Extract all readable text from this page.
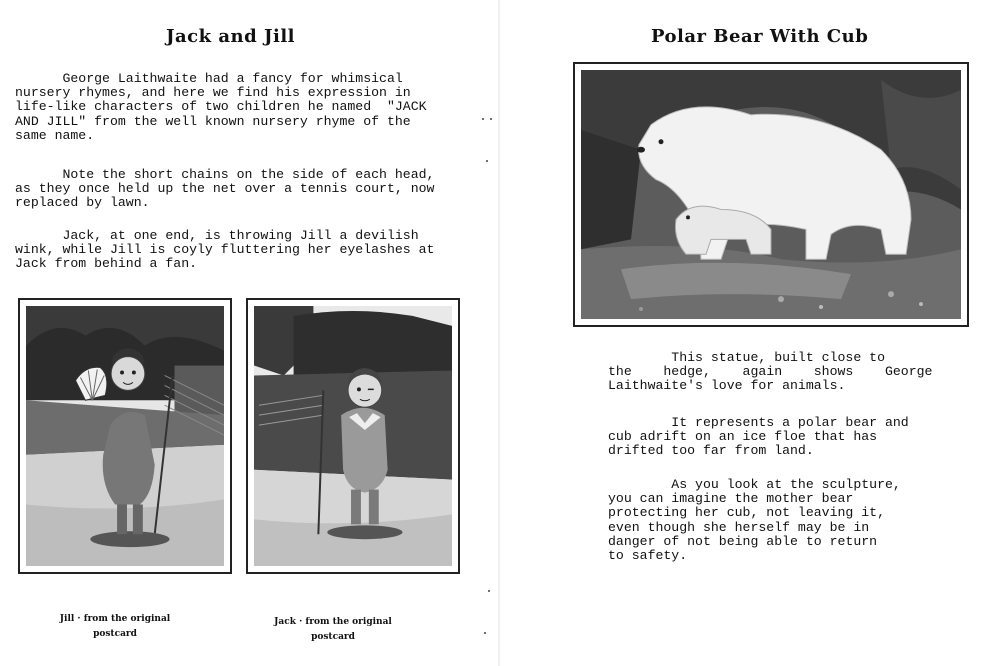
Jack and Jill
George Laithwaite had a fancy for whimsical
nursery rhymes, and here we find his expression in
life-like characters of two children he named  "JACK
AND JILL" from the well known nursery rhyme of the
same name.
Note the short chains on the side of each head,
as they once held up the net over a tennis court, now
replaced by lawn.
Jack, at one end, is throwing Jill a devilish
wink, while Jill is coyly fluttering her eyelashes at
Jack from behind a fan.
Jill · from the original
postcard
Jack · from the original
postcard
Polar Bear With Cub
This statue, built close to
the    hedge,    again    shows    George
Laithwaite's love for animals.
It represents a polar bear and
cub adrift on an ice floe that has
drifted too far from land.
As you look at the sculpture,
you can imagine the mother bear
protecting her cub, not leaving it,
even though she herself may be in
danger of not being able to return
to safety.
